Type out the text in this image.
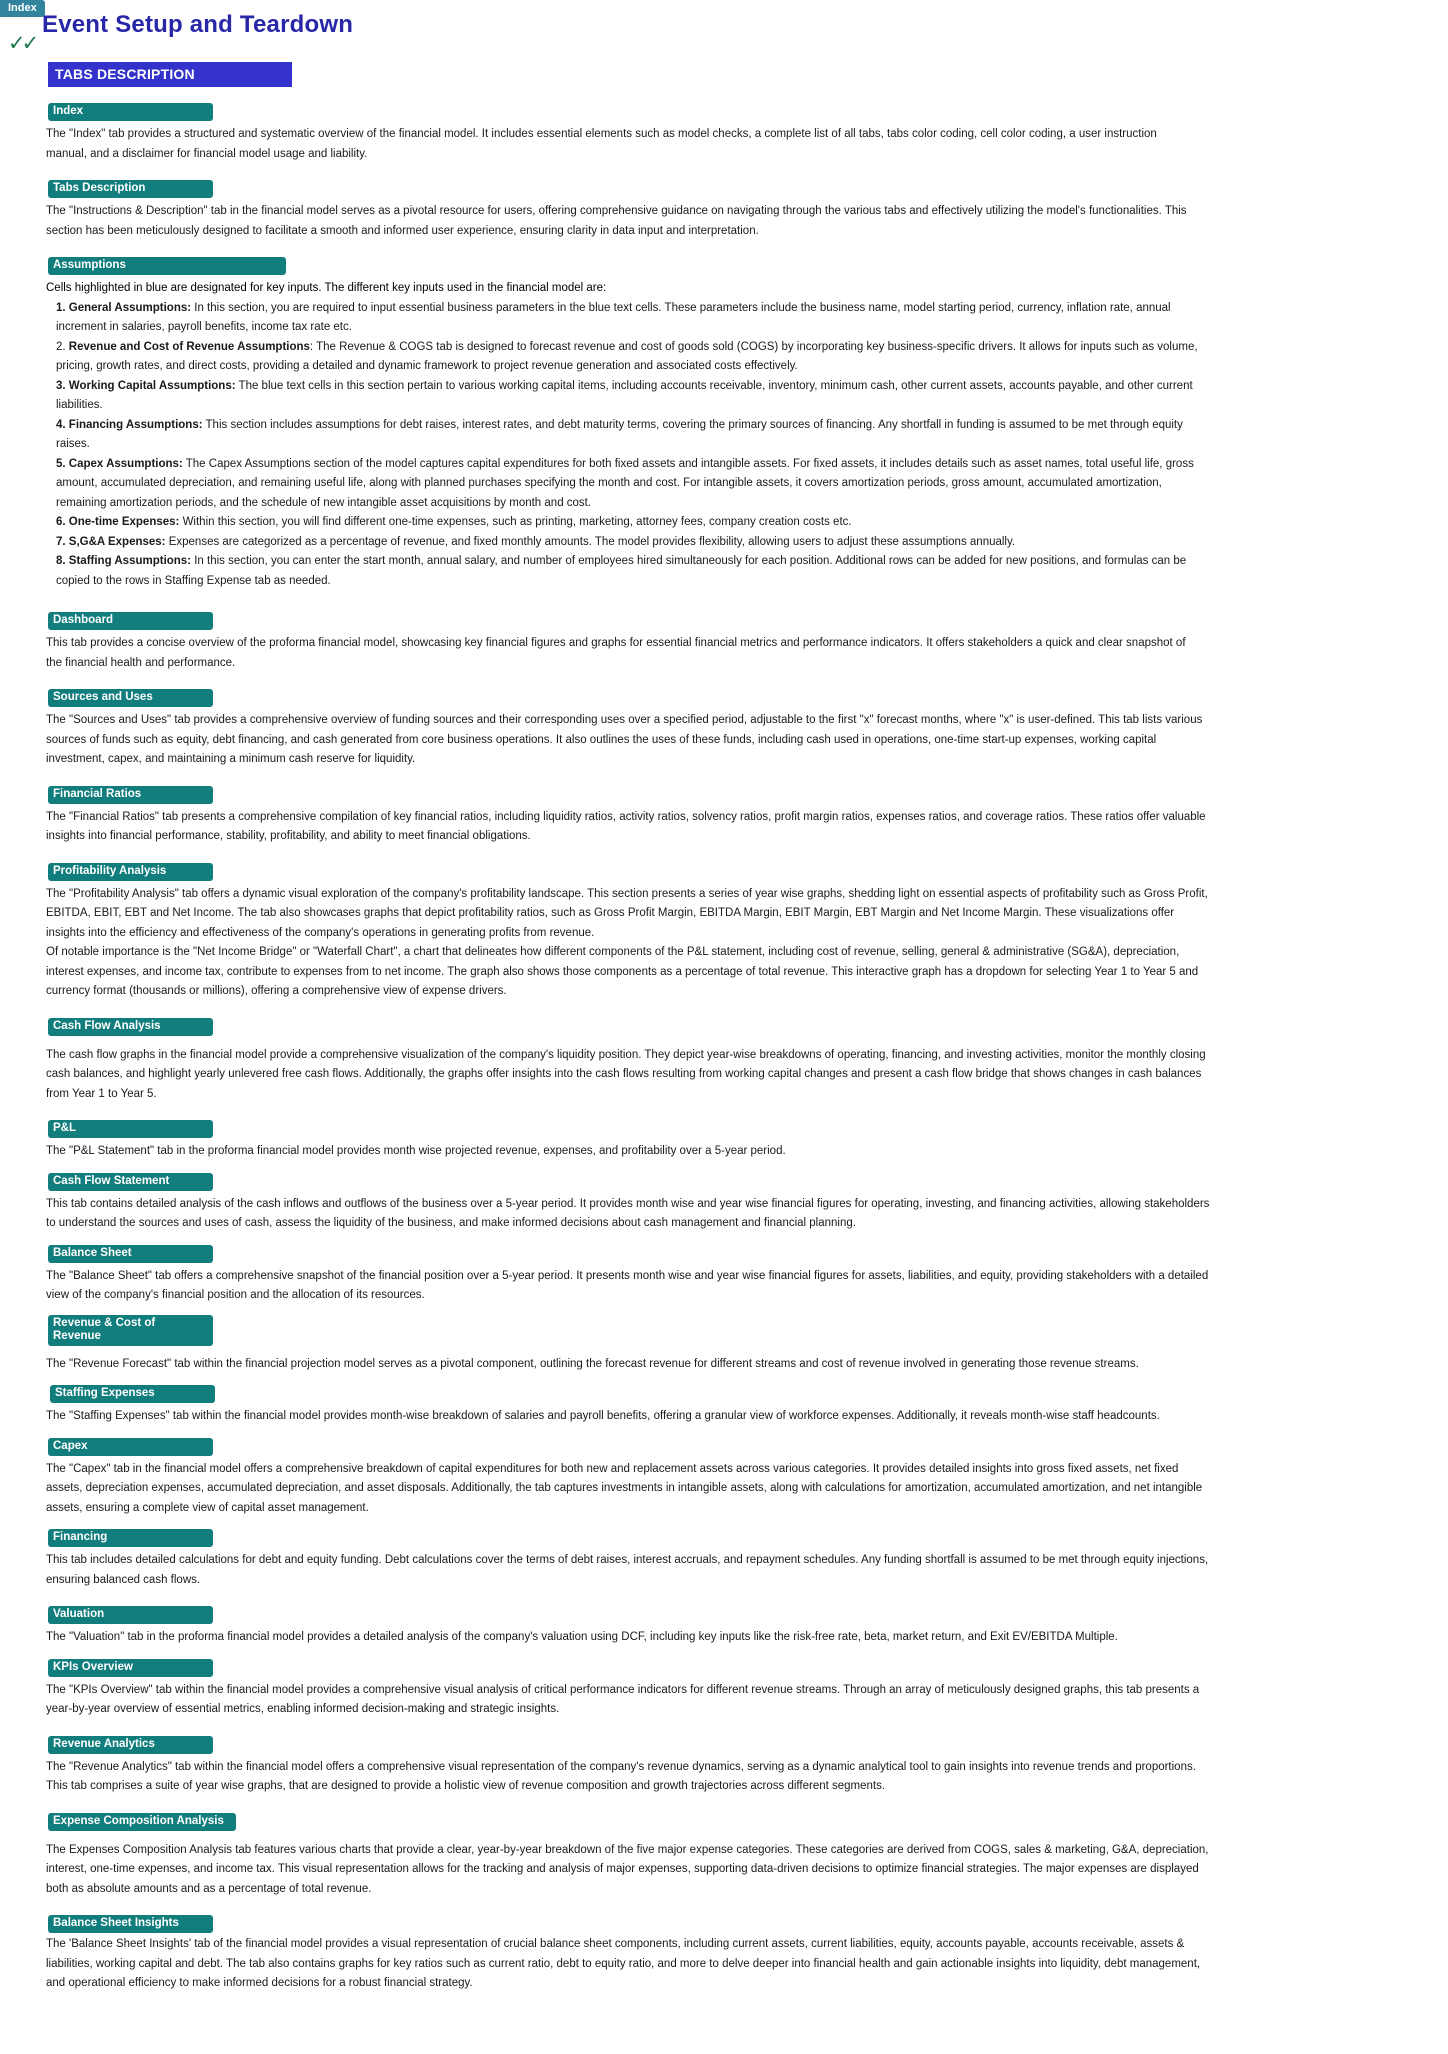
Index
✓✓
Event Setup and Teardown
TABS DESCRIPTION
Index
The "Index" tab provides a structured and systematic overview of the financial model. It includes essential elements such as model checks, a complete list of all tabs, tabs color coding, cell color coding, a user instruction manual, and a disclaimer for financial model usage and liability.
Tabs Description
The "Instructions & Description" tab in the financial model serves as a pivotal resource for users, offering comprehensive guidance on navigating through the various tabs and effectively utilizing the model's functionalities. This section has been meticulously designed to facilitate a smooth and informed user experience, ensuring clarity in data input and interpretation.
Assumptions
Cells highlighted in blue are designated for key inputs. The different key inputs used in the financial model are:
1. General Assumptions: In this section, you are required to input essential business parameters in the blue text cells. These parameters include the business name, model starting period, currency, inflation rate, annual increment in salaries, payroll benefits, income tax rate etc.
2. Revenue and Cost of Revenue Assumptions: The Revenue & COGS tab is designed to forecast revenue and cost of goods sold (COGS) by incorporating key business-specific drivers. It allows for inputs such as volume, pricing, growth rates, and direct costs, providing a detailed and dynamic framework to project revenue generation and associated costs effectively.
3. Working Capital Assumptions: The blue text cells in this section pertain to various working capital items, including accounts receivable, inventory, minimum cash, other current assets, accounts payable, and other current liabilities.
4. Financing Assumptions: This section includes assumptions for debt raises, interest rates, and debt maturity terms, covering the primary sources of financing. Any shortfall in funding is assumed to be met through equity raises.
5. Capex Assumptions: The Capex Assumptions section of the model captures capital expenditures for both fixed assets and intangible assets. For fixed assets, it includes details such as asset names, total useful life, gross amount, accumulated depreciation, and remaining useful life, along with planned purchases specifying the month and cost. For intangible assets, it covers amortization periods, gross amount, accumulated amortization, remaining amortization periods, and the schedule of new intangible asset acquisitions by month and cost.
6. One-time Expenses: Within this section, you will find different one-time expenses, such as printing, marketing, attorney fees, company creation costs etc.
7. S,G&A Expenses: Expenses are categorized as a percentage of revenue, and fixed monthly amounts. The model provides flexibility, allowing users to adjust these assumptions annually.
8. Staffing Assumptions: In this section, you can enter the start month, annual salary, and number of employees hired simultaneously for each position. Additional rows can be added for new positions, and formulas can be copied to the rows in Staffing Expense tab as needed.
Dashboard
This tab provides a concise overview of the proforma financial model, showcasing key financial figures and graphs for essential financial metrics and performance indicators. It offers stakeholders a quick and clear snapshot of the financial health and performance.
Sources and Uses
The "Sources and Uses" tab provides a comprehensive overview of funding sources and their corresponding uses over a specified period, adjustable to the first "x" forecast months, where "x" is user-defined. This tab lists various sources of funds such as equity, debt financing, and cash generated from core business operations. It also outlines the uses of these funds, including cash used in operations, one-time start-up expenses, working capital investment, capex, and maintaining a minimum cash reserve for liquidity.
Financial Ratios
The "Financial Ratios" tab presents a comprehensive compilation of key financial ratios, including liquidity ratios, activity ratios, solvency ratios, profit margin ratios, expenses ratios, and coverage ratios. These ratios offer valuable insights into financial performance, stability, profitability, and ability to meet financial obligations.
Profitability Analysis
The "Profitability Analysis" tab offers a dynamic visual exploration of the company's profitability landscape. This section presents a series of year wise graphs, shedding light on essential aspects of profitability such as Gross Profit, EBITDA, EBIT, EBT and Net Income. The tab also showcases graphs that depict profitability ratios, such as Gross Profit Margin, EBITDA Margin, EBIT Margin, EBT Margin and Net Income Margin. These visualizations offer insights into the efficiency and effectiveness of the company's operations in generating profits from revenue.
Of notable importance is the "Net Income Bridge" or "Waterfall Chart", a chart that delineates how different components of the P&L statement, including cost of revenue, selling, general & administrative (SG&A), depreciation, interest expenses, and income tax, contribute to expenses from to net income. The graph also shows those components as a percentage of total revenue. This interactive graph has a dropdown for selecting Year 1 to Year 5 and currency format (thousands or millions), offering a comprehensive view of expense drivers.
Cash Flow Analysis
The cash flow graphs in the financial model provide a comprehensive visualization of the company's liquidity position. They depict year-wise breakdowns of operating, financing, and investing activities, monitor the monthly closing cash balances, and highlight yearly unlevered free cash flows. Additionally, the graphs offer insights into the cash flows resulting from working capital changes and present a cash flow bridge that shows changes in cash balances from Year 1 to Year 5.
P&L
The "P&L Statement" tab in the proforma financial model provides month wise projected revenue, expenses, and profitability over a 5-year period.
Cash Flow Statement
This tab contains detailed analysis of the cash inflows and outflows of the business over a 5-year period. It provides month wise and year wise financial figures for operating, investing, and financing activities, allowing stakeholders to understand the sources and uses of cash, assess the liquidity of the business, and make informed decisions about cash management and financial planning.
Balance Sheet
The "Balance Sheet" tab offers a comprehensive snapshot of the financial position over a 5-year period. It presents month wise and year wise financial figures for assets, liabilities, and equity, providing stakeholders with a detailed view of the company's financial position and the allocation of its resources.
Revenue & Cost of Revenue
The "Revenue Forecast" tab within the financial projection model serves as a pivotal component, outlining the forecast revenue for different streams and cost of revenue involved in generating those revenue streams.
Staffing Expenses
The "Staffing Expenses" tab within the financial model provides month-wise breakdown of salaries and payroll benefits, offering a granular view of workforce expenses. Additionally, it reveals month-wise staff headcounts.
Capex
The "Capex" tab in the financial model offers a comprehensive breakdown of capital expenditures for both new and replacement assets across various categories. It provides detailed insights into gross fixed assets, net fixed assets, depreciation expenses, accumulated depreciation, and asset disposals. Additionally, the tab captures investments in intangible assets, along with calculations for amortization, accumulated amortization, and net intangible assets, ensuring a complete view of capital asset management.
Financing
This tab includes detailed calculations for debt and equity funding. Debt calculations cover the terms of debt raises, interest accruals, and repayment schedules. Any funding shortfall is assumed to be met through equity injections, ensuring balanced cash flows.
Valuation
The "Valuation" tab in the proforma financial model provides a detailed analysis of the company's valuation using DCF, including key inputs like the risk-free rate, beta, market return, and Exit EV/EBITDA Multiple.
KPIs Overview
The "KPIs Overview" tab within the financial model provides a comprehensive visual analysis of critical performance indicators for different revenue streams. Through an array of meticulously designed graphs, this tab presents a year-by-year overview of essential metrics, enabling informed decision-making and strategic insights.
Revenue Analytics
The "Revenue Analytics" tab within the financial model offers a comprehensive visual representation of the company's revenue dynamics, serving as a dynamic analytical tool to gain insights into revenue trends and proportions. This tab comprises a suite of year wise graphs, that are designed to provide a holistic view of revenue composition and growth trajectories across different segments.
Expense Composition Analysis
The Expenses Composition Analysis tab features various charts that provide a clear, year-by-year breakdown of the five major expense categories. These categories are derived from COGS, sales & marketing, G&A, depreciation, interest, one-time expenses, and income tax. This visual representation allows for the tracking and analysis of major expenses, supporting data-driven decisions to optimize financial strategies. The major expenses are displayed both as absolute amounts and as a percentage of total revenue.
Balance Sheet Insights
The 'Balance Sheet Insights' tab of the financial model provides a visual representation of crucial balance sheet components, including current assets, current liabilities, equity, accounts payable, accounts receivable, assets & liabilities, working capital and debt. The tab also contains graphs for key ratios such as current ratio, debt to equity ratio, and more to delve deeper into financial health and gain actionable insights into liquidity, debt management, and operational efficiency to make informed decisions for a robust financial strategy.
